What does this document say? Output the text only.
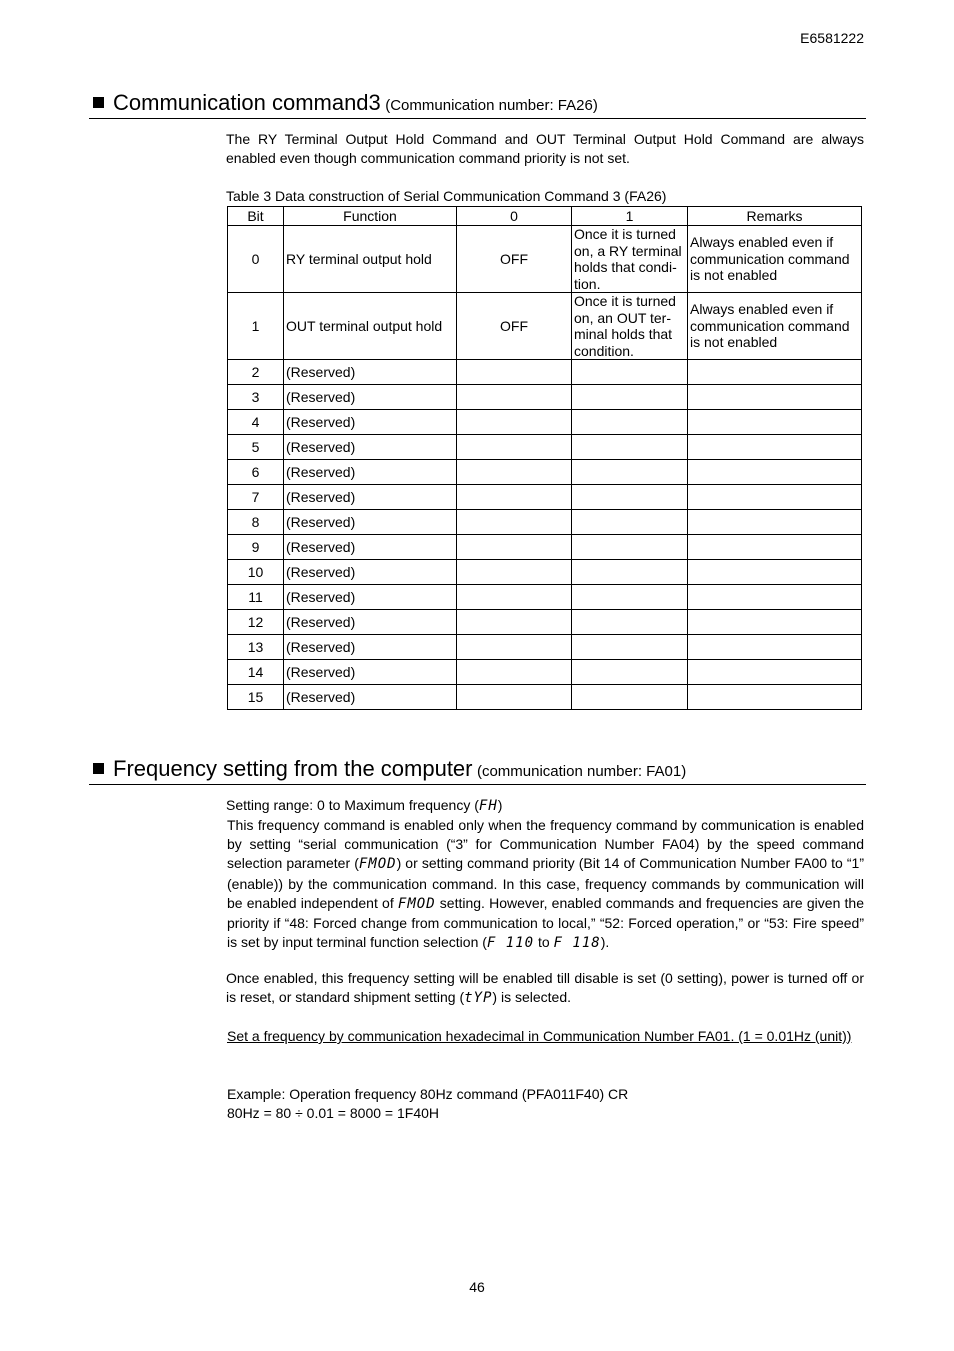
E6581222
Communication command3 (Communication number: FA26)
The RY Terminal Output Hold Command and OUT Terminal Output Hold Command are always enabled even though communication command priority is not set.
Table 3 Data construction of Serial Communication Command 3 (FA26)
Bit	Function	0	1	Remarks
0	RY terminal output hold	OFF	Once it is turned on, a RY terminal holds that condi-tion.	Always enabled even if communication command is not enabled
1	OUT terminal output hold	OFF	Once it is turned on, an OUT ter-minal holds that condition.	Always enabled even if communication command is not enabled
2	(Reserved)			
3	(Reserved)			
4	(Reserved)			
5	(Reserved)			
6	(Reserved)			
7	(Reserved)			
8	(Reserved)			
9	(Reserved)			
10	(Reserved)			
11	(Reserved)			
12	(Reserved)			
13	(Reserved)			
14	(Reserved)			
15	(Reserved)			
Frequency setting from the computer (communication number: FA01)
Setting range: 0 to Maximum frequency (FH)
This frequency command is enabled only when the frequency command by communication is enabled by setting “serial communication (“3” for Communication Number FA04) by the speed command selection parameter (FMOD) or setting command priority (Bit 14 of Communication Number FA00 to “1” (enable)) by the communication command. In this case, frequency commands by communication will be enabled independent of FMOD setting. However, enabled commands and frequencies are given the priority if “48: Forced change from communication to local,” “52: Forced operation,” or “53: Fire speed” is set by input terminal function selection (F 110 to F 118).
Once enabled, this frequency setting will be enabled till disable is set (0 setting), power is turned off or is reset, or standard shipment setting (tYP) is selected.
Set a frequency by communication hexadecimal in Communication Number FA01. (1 = 0.01Hz (unit))
Example: Operation frequency 80Hz command (PFA011F40) CR
80Hz = 80 ÷ 0.01 = 8000 = 1F40H
46
